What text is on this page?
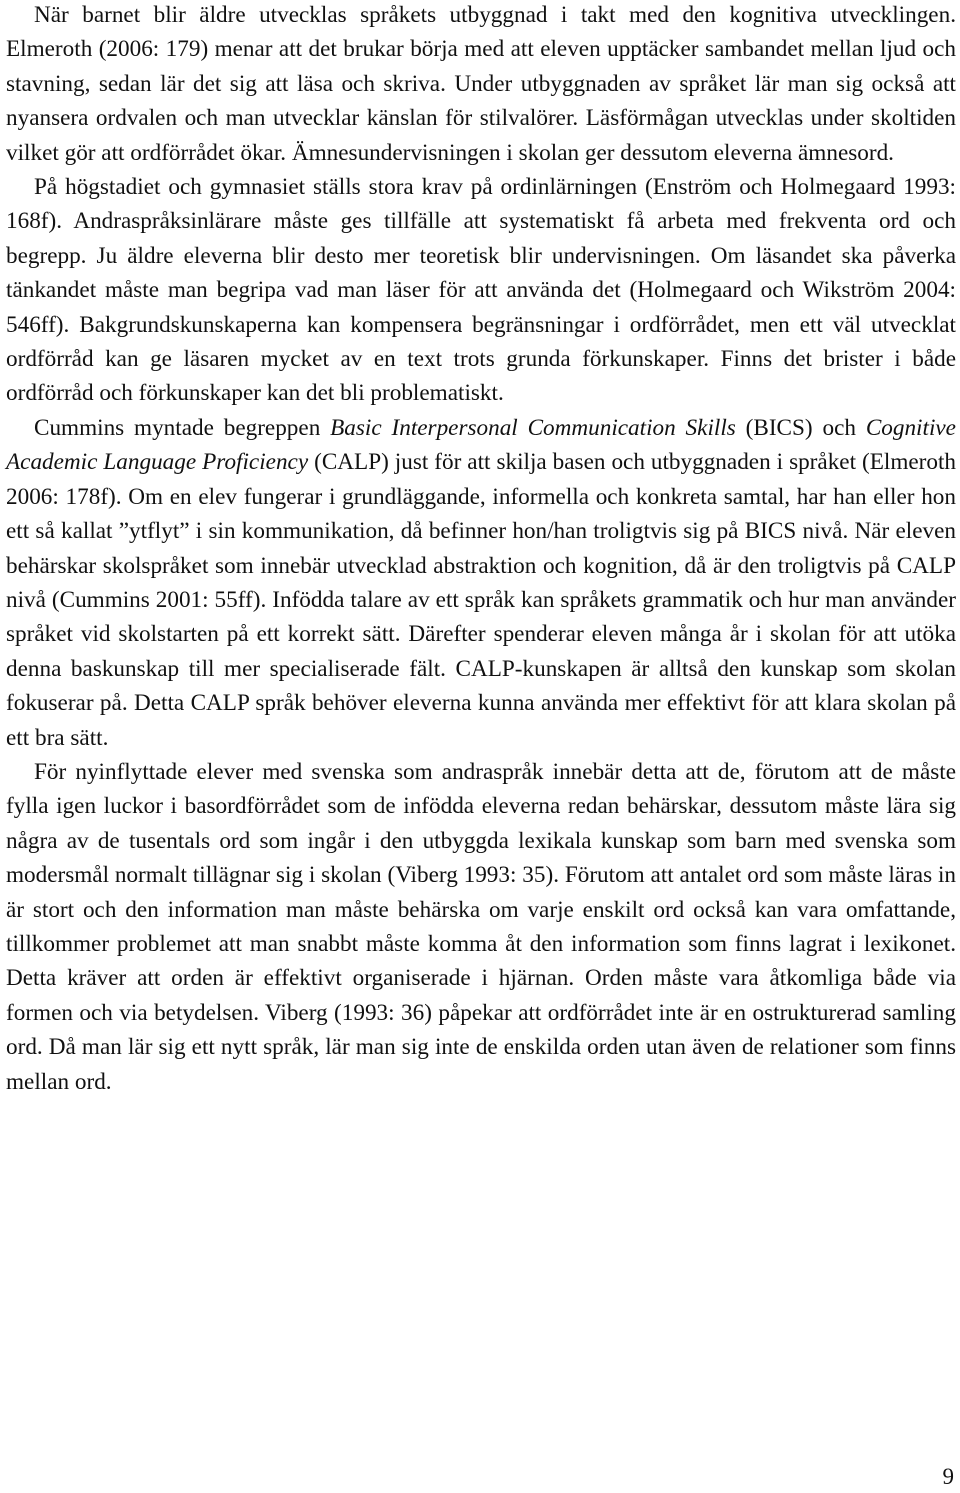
När barnet blir äldre utvecklas språkets utbyggnad i takt med den kognitiva utvecklingen. Elmeroth (2006: 179) menar att det brukar börja med att eleven upptäcker sambandet mellan ljud och stavning, sedan lär det sig att läsa och skriva. Under utbyggnaden av språket lär man sig också att nyansera ordvalen och man utvecklar känslan för stilvalörer. Läsförmågan utvecklas under skoltiden vilket gör att ordförrådet ökar. Ämnesundervisningen i skolan ger dessutom eleverna ämnesord.

På högstadiet och gymnasiet ställs stora krav på ordinlärningen (Enström och Holmegaard 1993: 168f). Andraspråksinlärare måste ges tillfälle att systematiskt få arbeta med frekventa ord och begrepp. Ju äldre eleverna blir desto mer teoretisk blir undervisningen. Om läsandet ska påverka tänkandet måste man begripa vad man läser för att använda det (Holmegaard och Wikström 2004: 546ff). Bakgrundskunskaperna kan kompensera begränsningar i ordförrådet, men ett väl utvecklat ordförråd kan ge läsaren mycket av en text trots grunda förkunskaper. Finns det brister i både ordförråd och förkunskaper kan det bli problematiskt.

Cummins myntade begreppen Basic Interpersonal Communication Skills (BICS) och Cognitive Academic Language Proficiency (CALP) just för att skilja basen och utbyggnaden i språket (Elmeroth 2006: 178f). Om en elev fungerar i grundläggande, informella och konkreta samtal, har han eller hon ett så kallat ”ytflyt” i sin kommunikation, då befinner hon/han troligtvis sig på BICS nivå. När eleven behärskar skolspråket som innebär utvecklad abstraktion och kognition, då är den troligtvis på CALP nivå (Cummins 2001: 55ff). Infödda talare av ett språk kan språkets grammatik och hur man använder språket vid skolstarten på ett korrekt sätt. Därefter spenderar eleven många år i skolan för att utöka denna baskunskap till mer specialiserade fält. CALP-kunskapen är alltså den kunskap som skolan fokuserar på. Detta CALP språk behöver eleverna kunna använda mer effektivt för att klara skolan på ett bra sätt.

För nyinflyttade elever med svenska som andraspråk innebär detta att de, förutom att de måste fylla igen luckor i basordförrådet som de infödda eleverna redan behärskar, dessutom måste lära sig några av de tusentals ord som ingår i den utbyggda lexikala kunskap som barn med svenska som modersmål normalt tillägnar sig i skolan (Viberg 1993: 35). Förutom att antalet ord som måste läras in är stort och den information man måste behärska om varje enskilt ord också kan vara omfattande, tillkommer problemet att man snabbt måste komma åt den information som finns lagrat i lexikonet. Detta kräver att orden är effektivt organiserade i hjärnan. Orden måste vara åtkomliga både via formen och via betydelsen. Viberg (1993: 36) påpekar att ordförrådet inte är en ostrukturerad samling ord. Då man lär sig ett nytt språk, lär man sig inte de enskilda orden utan även de relationer som finns mellan ord.

9
